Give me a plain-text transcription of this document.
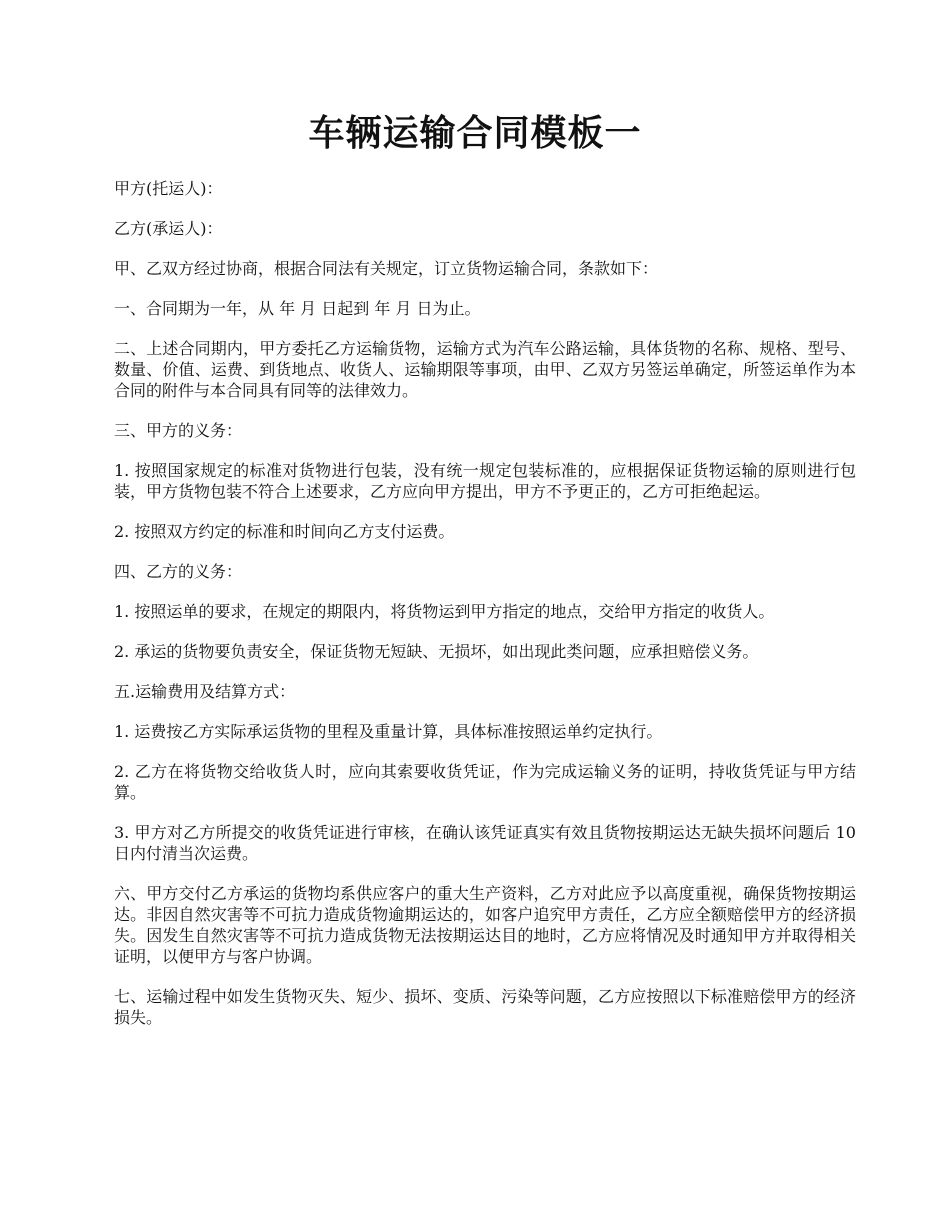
车辆运输合同模板一

甲方(托运人)：

乙方(承运人)：

甲、乙双方经过协商，根据合同法有关规定，订立货物运输合同，条款如下：

一、合同期为一年，从 年 月 日起到 年 月 日为止。

二、上述合同期内，甲方委托乙方运输货物，运输方式为汽车公路运输，具体货物的名称、规格、型号、数量、价值、运费、到货地点、收货人、运输期限等事项，由甲、乙双方另签运单确定，所签运单作为本合同的附件与本合同具有同等的法律效力。

三、甲方的义务：

1. 按照国家规定的标准对货物进行包装，没有统一规定包装标准的，应根据保证货物运输的原则进行包装，甲方货物包装不符合上述要求，乙方应向甲方提出，甲方不予更正的，乙方可拒绝起运。

2. 按照双方约定的标准和时间向乙方支付运费。

四、乙方的义务：

1. 按照运单的要求，在规定的期限内，将货物运到甲方指定的地点，交给甲方指定的收货人。

2. 承运的货物要负责安全，保证货物无短缺、无损坏，如出现此类问题，应承担赔偿义务。

五.运输费用及结算方式：

1. 运费按乙方实际承运货物的里程及重量计算，具体标准按照运单约定执行。

2. 乙方在将货物交给收货人时，应向其索要收货凭证，作为完成运输义务的证明，持收货凭证与甲方结算。

3. 甲方对乙方所提交的收货凭证进行审核，在确认该凭证真实有效且货物按期运达无缺失损坏问题后 10 日内付清当次运费。

六、甲方交付乙方承运的货物均系供应客户的重大生产资料，乙方对此应予以高度重视，确保货物按期运达。非因自然灾害等不可抗力造成货物逾期运达的，如客户追究甲方责任，乙方应全额赔偿甲方的经济损失。因发生自然灾害等不可抗力造成货物无法按期运达目的地时，乙方应将情况及时通知甲方并取得相关证明，以便甲方与客户协调。

七、运输过程中如发生货物灭失、短少、损坏、变质、污染等问题，乙方应按照以下标准赔偿甲方的经济损失。
